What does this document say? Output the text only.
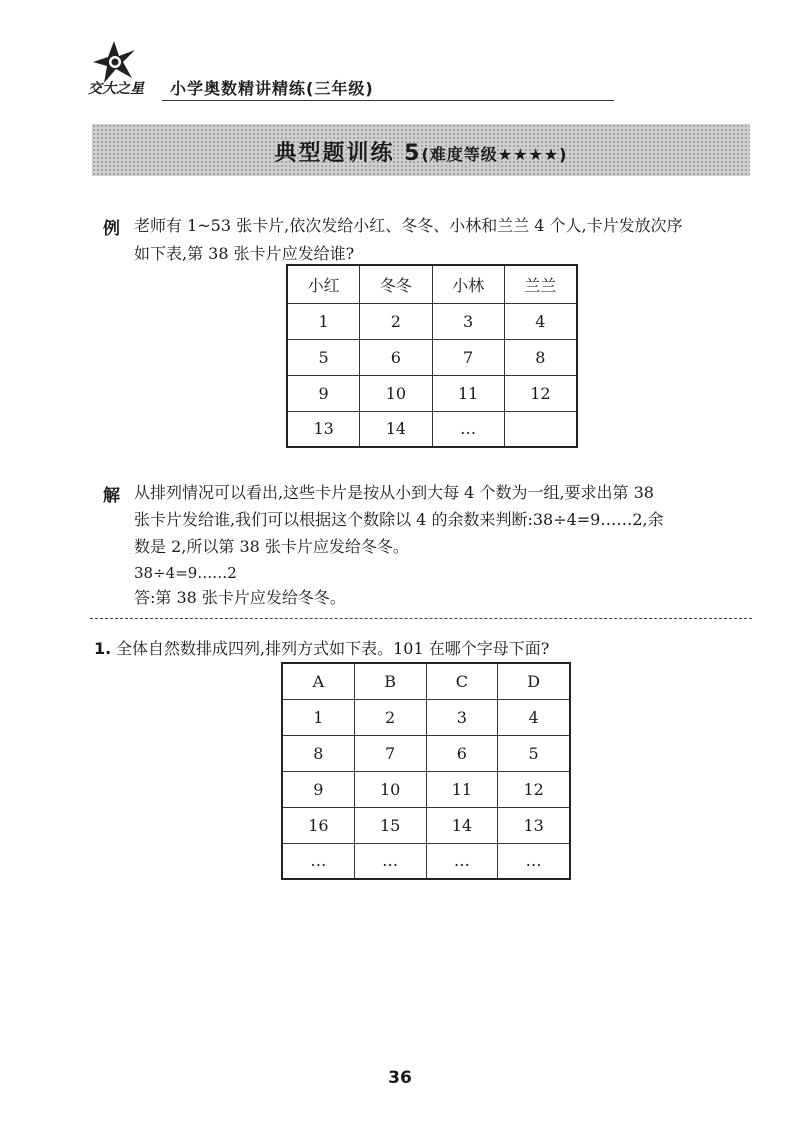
交大之星 小学奥数精讲精练(三年级)
典型题训练 5(难度等级★★★★)
例 老师有 1~53 张卡片,依次发给小红、冬冬、小林和兰兰 4 个人,卡片发放次序
如下表,第 38 张卡片应发给谁?
小红	冬冬	小林	兰兰
1	2	3	4
5	6	7	8
9	10	11	12
13	14	…	
解 从排列情况可以看出,这些卡片是按从小到大每 4 个数为一组,要求出第 38
张卡片发给谁,我们可以根据这个数除以 4 的余数来判断:38÷4=9……2,余
数是 2,所以第 38 张卡片应发给冬冬。
38÷4=9……2
答:第 38 张卡片应发给冬冬。
1. 全体自然数排成四列,排列方式如下表。101 在哪个字母下面?
A	B	C	D
1	2	3	4
8	7	6	5
9	10	11	12
16	15	14	13
…	…	…	…
36
